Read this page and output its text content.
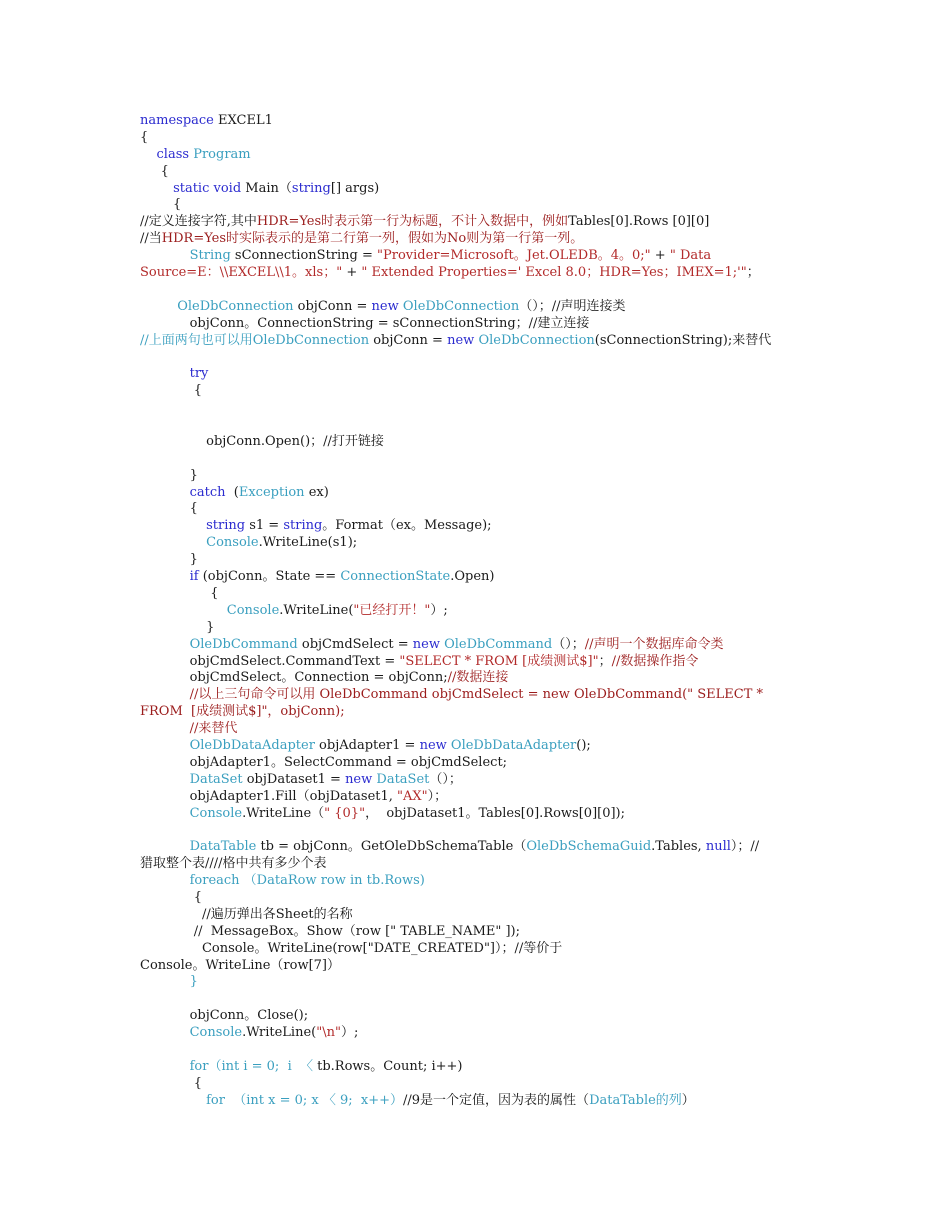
namespace EXCEL1
{
class Program
{
static void Main（string[] args)
{
//定义连接字符,其中HDR=Yes时表示第一行为标题，不计入数据中，例如Tables[0].Rows [0][0]
//当HDR=Yes时实际表示的是第二行第一列，假如为No则为第一行第一列。
String sConnectionString = "Provider=Microsoft。Jet.OLEDB。4。0;" + " Data
Source=E：\\EXCEL\\1。xls；" + " Extended Properties=' Excel 8.0；HDR=Yes；IMEX=1;'"；
OleDbConnection objConn = new OleDbConnection（）；//声明连接类
objConn。ConnectionString = sConnectionString；//建立连接
//上面两句也可以用OleDbConnection objConn = new OleDbConnection(sConnectionString);来替代
try
{
objConn.Open()；//打开链接
}
catch  (Exception ex)
{
string s1 = string。Format（ex。Message);
Console.WriteLine(s1);
}
if (objConn。State == ConnectionState.Open)
{
Console.WriteLine("已经打开！"）;
}
OleDbCommand objCmdSelect = new OleDbCommand（）；//声明一个数据库命令类
objCmdSelect.CommandText = "SELECT * FROM [成绩测试$]"；//数据操作指令
objCmdSelect。Connection = objConn;//数据连接
//以上三句命令可以用 OleDbCommand objCmdSelect = new OleDbCommand(" SELECT *
FROM  [成绩测试$]"，objConn);
//来替代
OleDbDataAdapter objAdapter1 = new OleDbDataAdapter();
objAdapter1。SelectCommand = objCmdSelect;
DataSet objDataset1 = new DataSet（）；
objAdapter1.Fill（objDataset1, "AX"）；
Console.WriteLine（" {0}"，  objDataset1。Tables[0].Rows[0][0]);
DataTable tb = objConn。GetOleDbSchemaTable（OleDbSchemaGuid.Tables, null）；//
猎取整个表////格中共有多少个表
foreach （DataRow row in tb.Rows)
{
//遍历弹出各Sheet的名称
//  MessageBox。Show（row [" TABLE_NAME" ]);
Console。WriteLine(row["DATE_CREATED"]）；//等价于
Console。WriteLine（row[7]）
}
objConn。Close();
Console.WriteLine("\n"）;
for（int i = 0;  i  〈 tb.Rows。Count; i++)
{
for  （int x = 0; x 〈 9;  x++）//9是一个定值，因为表的属性（DataTable的列）
